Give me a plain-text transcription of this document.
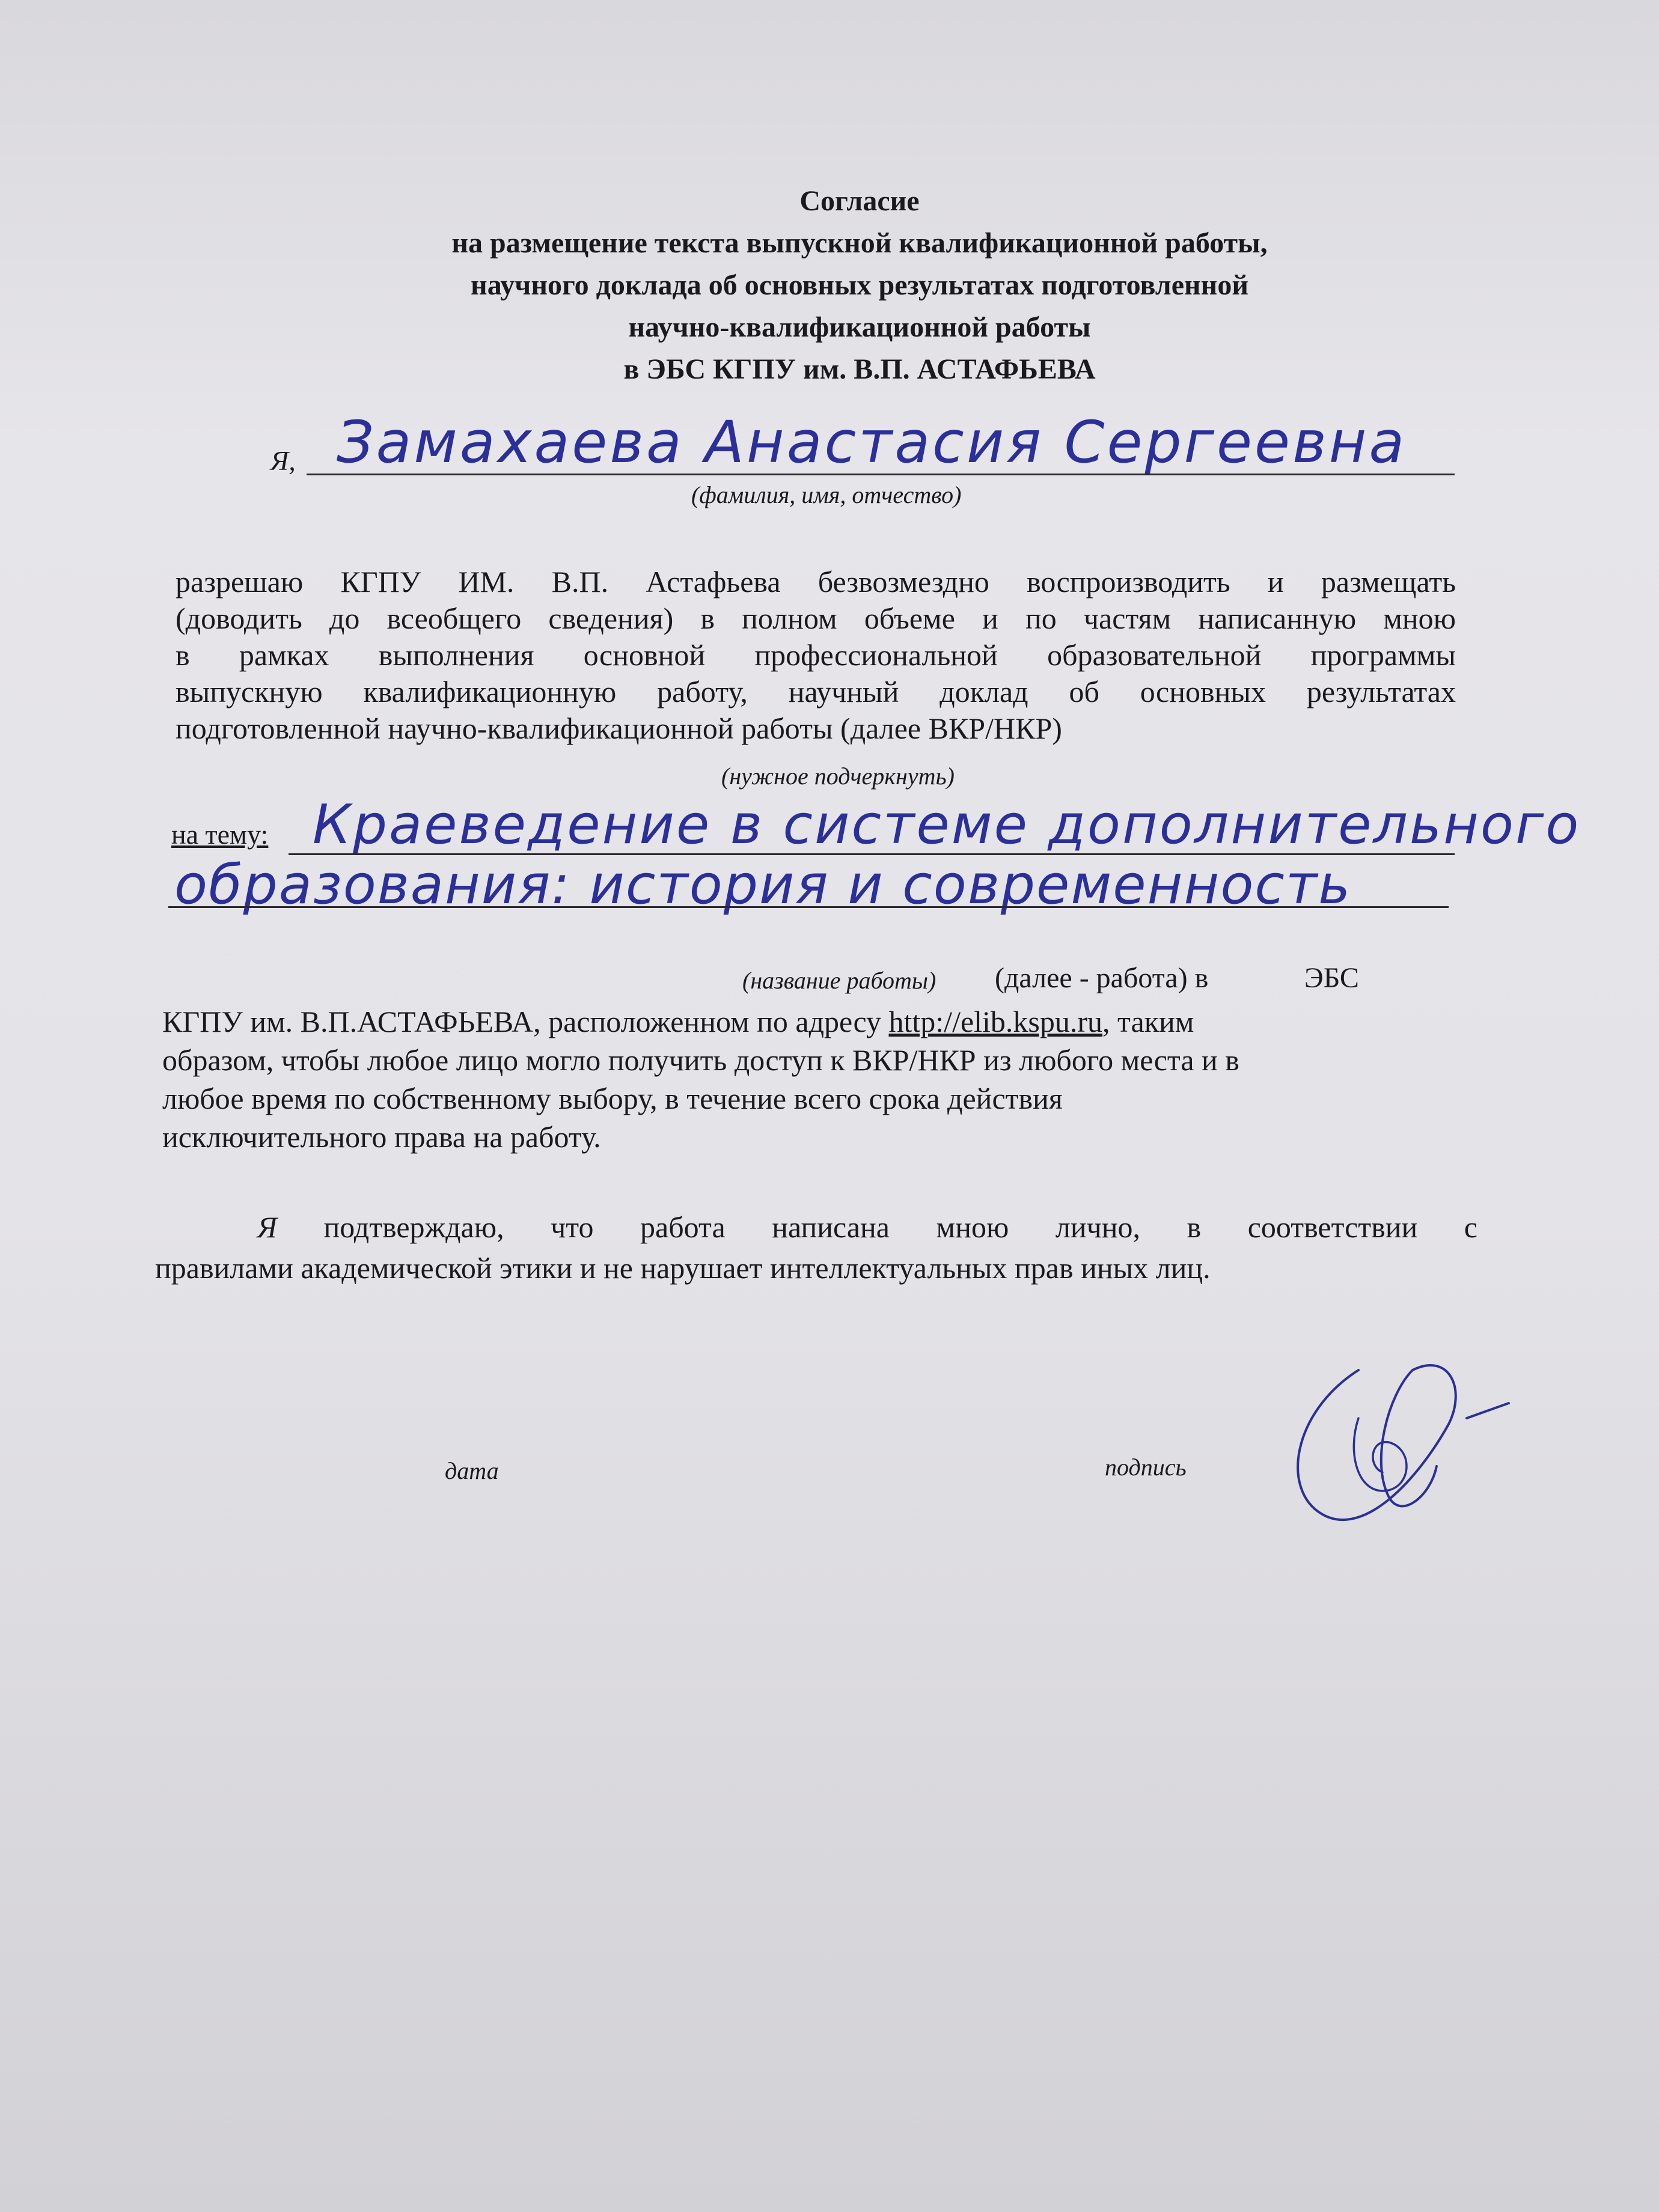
Согласие
на размещение текста выпускной квалификационной работы,
научного доклада об основных результатах подготовленной
научно-квалификационной работы
в ЭБС КГПУ им. В.П. АСТАФЬЕВА
Я, Замахаева Анастасия Сергеевна
(фамилия, имя, отчество)
разрешаю КГПУ ИМ. В.П. Астафьева безвозмездно воспроизводить и размещать
(доводить до всеобщего сведения) в полном объеме и по частям написанную мною
в рамках выполнения основной профессиональной образовательной программы
выпускную квалификационную работу, научный доклад об основных результатах
подготовленной научно-квалификационной работы (далее ВКР/НКР)
(нужное подчеркнуть)
на тему: Краеведение в системе дополнительного
образования: история и современность
(название работы) (далее - работа) в	ЭБС
КГПУ им. В.П.АСТАФЬЕВА, расположенном по адресу http://elib.kspu.ru, таким
образом, чтобы любое лицо могло получить доступ к ВКР/НКР из любого места и в
любое время по собственному выбору, в течение всего срока действия
исключительного права на работу.
Я подтверждаю, что работа написана мною лично, в соответствии с
правилами академической этики и не нарушает интеллектуальных прав иных лиц.
дата	подпись
